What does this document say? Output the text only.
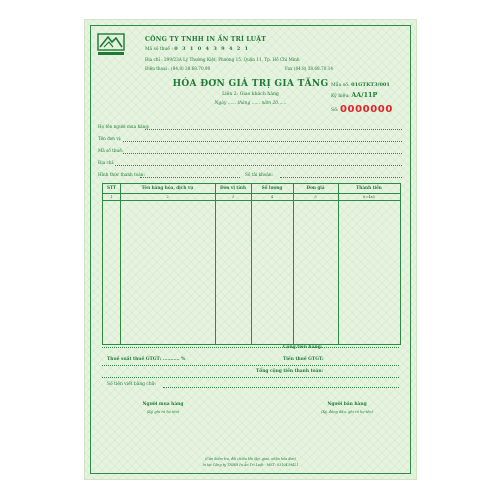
CÔNG TY TNHH IN ẤN TRÍ LUẬT
Mã số thuế : 0 3 1 0 4 3 9 4 2 1
Địa chỉ : 299/23A Lý Thường Kiệt, Phường 15, Quận 11, Tp. Hồ Chí Minh
Điện thoại : (84.8) 38.68.70.90	Fax (84.8) 38.68.70.14
HÓA ĐƠN GIÁ TRỊ GIA TĂNG
Liên 2: Giao khách hàng
Ngày ...... tháng ...... năm 20......
Mẫu số: 01GTKT3/001
Ký hiệu: AA/11P
Số: 0000000
Họ tên người mua hàng:
Tên đơn vị:
Mã số thuế:
Địa chỉ:
Hình thức thanh toán:	Số tài khoản:
STT	Tên hàng hóa, dịch vụ	Đơn vị tính	Số lượng	Đơn giá	Thành tiền
1	2	3	4	5	6=4x5
Cộng tiền hàng:
Thuế suất thuế GTGT: ........... %	Tiền thuế GTGT:
Tổng cộng tiền thanh toán:
Số tiền viết bằng chữ:
Người mua hàng
(Ký, ghi rõ họ tên)
Người bán hàng
(Ký, đóng dấu, ghi rõ họ tên)
(Cần kiểm tra, đối chiếu khi lập, giao, nhận hóa đơn)
In tại Công ty TNHH In Ấn Trí Luật - MST: 0310439421
